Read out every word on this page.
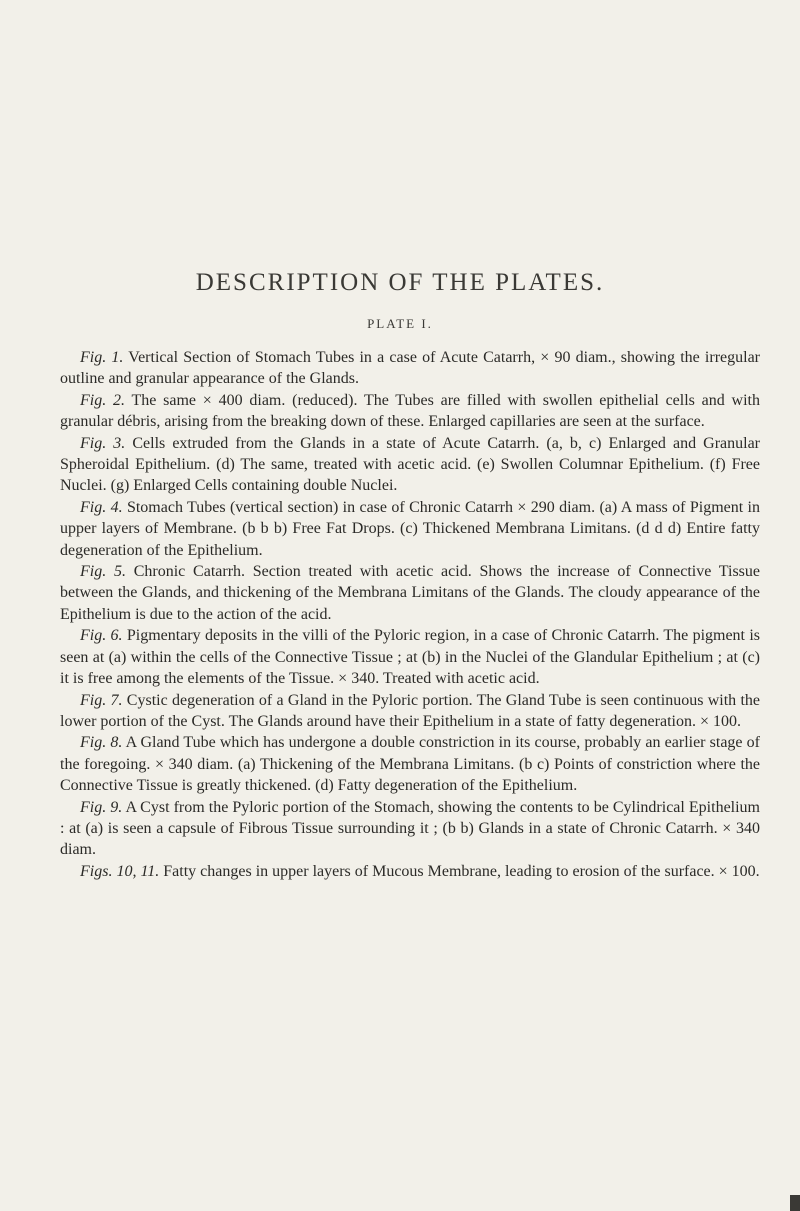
DESCRIPTION OF THE PLATES.
PLATE I.

Fig. 1. Vertical Section of Stomach Tubes in a case of Acute Catarrh, × 90 diam., showing the irregular outline and granular appearance of the Glands.

Fig. 2. The same × 400 diam. (reduced). The Tubes are filled with swollen epithelial cells and with granular débris, arising from the breaking down of these. Enlarged capillaries are seen at the surface.

Fig. 3. Cells extruded from the Glands in a state of Acute Catarrh. (a, b, c) Enlarged and Granular Spheroidal Epithelium. (d) The same, treated with acetic acid. (e) Swollen Columnar Epithelium. (f) Free Nuclei. (g) Enlarged Cells containing double Nuclei.

Fig. 4. Stomach Tubes (vertical section) in case of Chronic Catarrh × 290 diam. (a) A mass of Pigment in upper layers of Membrane. (b b b) Free Fat Drops. (c) Thickened Membrana Limitans. (d d d) Entire fatty degeneration of the Epithelium.

Fig. 5. Chronic Catarrh. Section treated with acetic acid. Shows the increase of Connective Tissue between the Glands, and thickening of the Membrana Limitans of the Glands. The cloudy appearance of the Epithelium is due to the action of the acid.

Fig. 6. Pigmentary deposits in the villi of the Pyloric region, in a case of Chronic Catarrh. The pigment is seen at (a) within the cells of the Connective Tissue ; at (b) in the Nuclei of the Glandular Epithelium ; at (c) it is free among the elements of the Tissue. × 340. Treated with acetic acid.

Fig. 7. Cystic degeneration of a Gland in the Pyloric portion. The Gland Tube is seen continuous with the lower portion of the Cyst. The Glands around have their Epithelium in a state of fatty degeneration. × 100.

Fig. 8. A Gland Tube which has undergone a double constriction in its course, probably an earlier stage of the foregoing. × 340 diam. (a) Thickening of the Membrana Limitans. (b c) Points of constriction where the Connective Tissue is greatly thickened. (d) Fatty degeneration of the Epithelium.

Fig. 9. A Cyst from the Pyloric portion of the Stomach, showing the contents to be Cylindrical Epithelium : at (a) is seen a capsule of Fibrous Tissue surrounding it ; (b b) Glands in a state of Chronic Catarrh. × 340 diam.

Figs. 10, 11. Fatty changes in upper layers of Mucous Membrane, leading to erosion of the surface. × 100.
